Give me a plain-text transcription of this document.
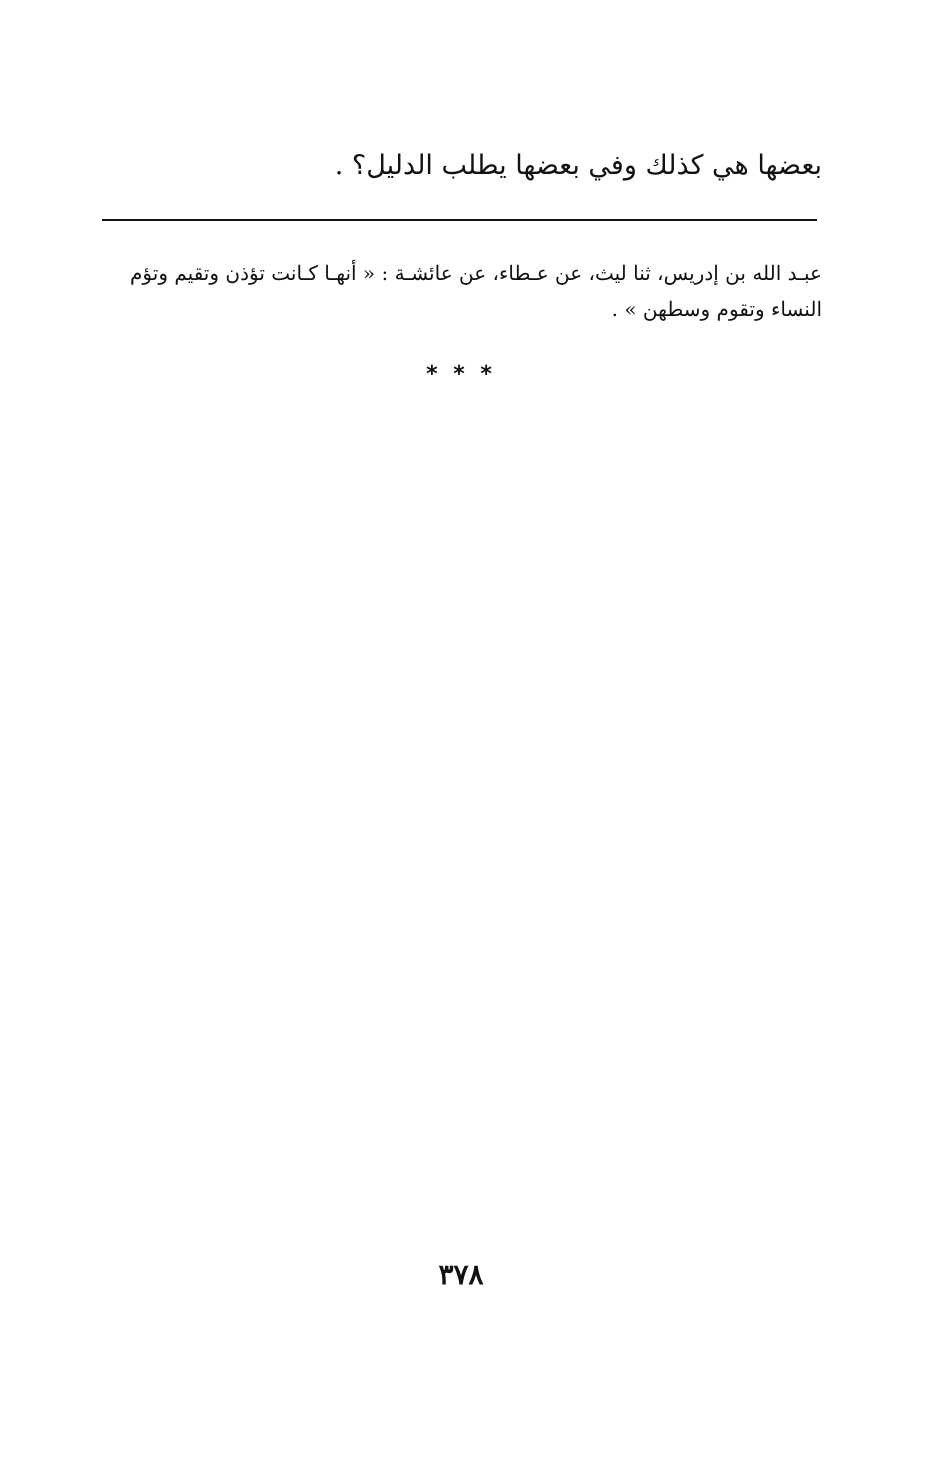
بعضها هي كذلك وفي بعضها يطلب الدليل؟ .
عبـد الله بن إدريس، ثنا ليث، عن عـطاء، عن عائشـة : « أنهـا كـانت تؤذن وتقيم وتؤم
النساء وتقوم وسطهن » .
* * *
٣٧٨
